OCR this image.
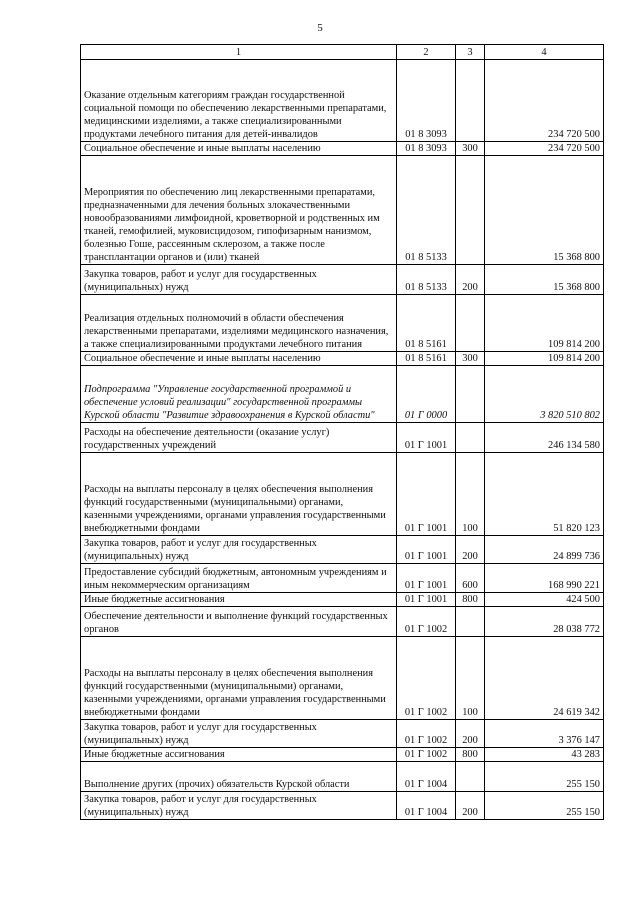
5
1	2	3	4
Оказание отдельным категориям граждан государственной социальной помощи по обеспечению лекарственными препаратами, медицинскими изделиями, а также специализированными продуктами лечебного питания для детей-инвалидов	01 8 3093		234 720 500
Социальное обеспечение и иные выплаты населению	01 8 3093	300	234 720 500
Мероприятия по обеспечению лиц лекарственными препаратами, предназначенными для лечения больных злокачественными новообразованиями лимфоидной, кроветворной и родственных им тканей, гемофилией, муковисцидозом, гипофизарным нанизмом, болезнью Гоше, рассеянным склерозом, а также после трансплантации органов и (или) тканей	01 8 5133		15 368 800
Закупка товаров, работ и услуг для государственных (муниципальных) нужд	01 8 5133	200	15 368 800
Реализация отдельных полномочий в области обеспечения лекарственными препаратами, изделиями медицинского назначения, а также специализированными продуктами лечебного питания	01 8 5161		109 814 200
Социальное обеспечение и иные выплаты населению	01 8 5161	300	109 814 200
Подпрограмма "Управление государственной программой и обеспечение условий реализации" государственной программы Курской области "Развитие здравоохранения в Курской области"	01 Г 0000		3 820 510 802
Расходы на обеспечение деятельности (оказание услуг) государственных учреждений	01 Г 1001		246 134 580
Расходы на выплаты персоналу в целях обеспечения выполнения функций государственными (муниципальными) органами, казенными учреждениями, органами управления государственными внебюджетными фондами	01 Г 1001	100	51 820 123
Закупка товаров, работ и услуг для государственных (муниципальных) нужд	01 Г 1001	200	24 899 736
Предоставление субсидий бюджетным, автономным учреждениям и иным некоммерческим организациям	01 Г 1001	600	168 990 221
Иные бюджетные ассигнования	01 Г 1001	800	424 500
Обеспечение деятельности и выполнение функций государственных органов	01 Г 1002		28 038 772
Расходы на выплаты персоналу в целях обеспечения выполнения функций государственными (муниципальными) органами, казенными учреждениями, органами управления государственными внебюджетными фондами	01 Г 1002	100	24 619 342
Закупка товаров, работ и услуг для государственных (муниципальных) нужд	01 Г 1002	200	3 376 147
Иные бюджетные ассигнования	01 Г 1002	800	43 283
Выполнение других (прочих) обязательств Курской области	01 Г 1004		255 150
Закупка товаров, работ и услуг для государственных (муниципальных) нужд	01 Г 1004	200	255 150
